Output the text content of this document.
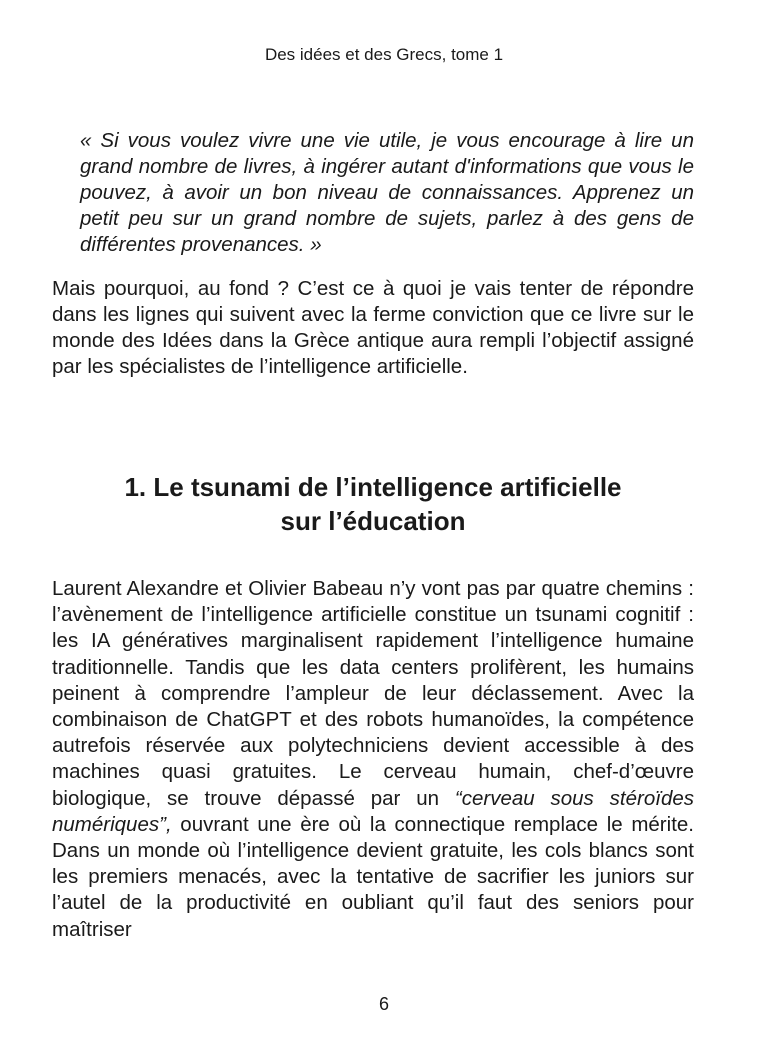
Des idées et des Grecs, tome 1
« Si vous voulez vivre une vie utile, je vous encourage à lire un grand nombre de livres, à ingérer autant d'informations que vous le pouvez, à avoir un bon niveau de connaissances. Apprenez un petit peu sur un grand nombre de sujets, parlez à des gens de différentes provenances. »
Mais pourquoi, au fond ? C’est ce à quoi je vais tenter de répondre dans les lignes qui suivent avec la ferme conviction que ce livre sur le monde des Idées dans la Grèce antique aura rempli l’objectif assigné par les spécialistes de l’intelligence artificielle.
1. Le tsunami de l’intelligence artificielle
sur l’éducation
Laurent Alexandre et Olivier Babeau n’y vont pas par quatre chemins : l’avènement de l’intelligence artificielle constitue un tsunami cognitif : les IA génératives marginalisent rapidement l’intelligence humaine traditionnelle. Tandis que les data centers prolifèrent, les humains peinent à comprendre l’ampleur de leur déclassement. Avec la combinaison de ChatGPT et des robots humanoïdes, la compétence autrefois réservée aux polytechniciens devient accessible à des machines quasi gratuites. Le cerveau humain, chef-d’œuvre biologique, se trouve dépassé par un “cerveau sous stéroïdes numériques”, ouvrant une ère où la connectique remplace le mérite. Dans un monde où l’intelligence devient gratuite, les cols blancs sont les premiers menacés, avec la tentative de sacrifier les juniors sur l’autel de la productivité en oubliant qu’il faut des seniors pour maîtriser
6
